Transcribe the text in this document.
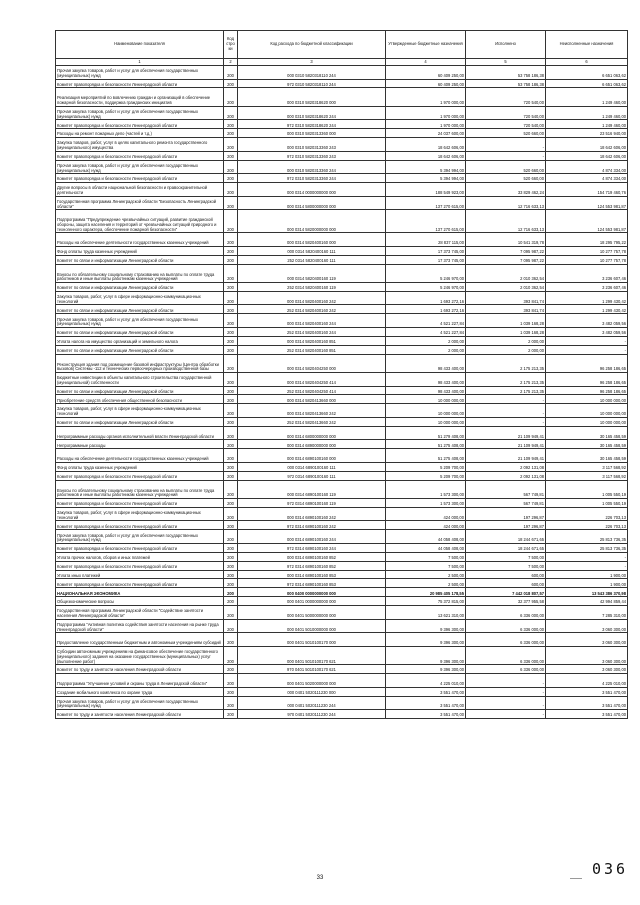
Наименование показателя	Код стро ки	Код расхода по бюджетной классификации	Утвержденные бюджетные назначения	Исполнено	Неисполненные назначения
1	2	3	4	5	6
Прочая закупка товаров, работ и услуг для обеспечения государственных (муниципальных) нужд	200	000 0310 5820318110 244	60 409 250,00	53 758 186,38	6 651 063,62
Комитет правопорядка и безопасности Ленинградской области	200	972 0310 5820318110 244	60 409 250,00	53 758 186,38	6 651 063,62
Реализация мероприятий по вовлечению граждан и организаций в обеспечение пожарной безопасности, поддержка гражданских инициатив	200	000 0310 5820318620 000	1 970 000,00	720 540,00	1 249 460,00
Прочая закупка товаров, работ и услуг для обеспечения государственных (муниципальных) нужд	200	000 0310 5820318620 244	1 970 000,00	720 540,00	1 249 460,00
Комитет правопорядка и безопасности Ленинградской области	200	972 0310 5820318620 244	1 970 000,00	720 540,00	1 249 460,00
Расходы на ремонт пожарных депо (частей и т.д.)	200	000 0310 5820313360 000	24 037 600,00	520 660,00	23 516 940,00
Закупка товаров, работ, услуг в целях капитального ремонта государственного (муниципального) имущества	200	000 0310 5820313360 243	18 642 606,00	-	18 642 606,00
Комитет правопорядка и безопасности Ленинградской области	200	972 0310 5820313360 243	18 642 606,00	-	18 642 606,00
Прочая закупка товаров, работ и услуг для обеспечения государственных (муниципальных) нужд	200	000 0310 5820313360 244	5 394 994,00	520 660,00	4 874 334,00
Комитет правопорядка и безопасности Ленинградской области	200	972 0310 5820313360 244	5 394 994,00	520 660,00	4 874 334,00
Другие вопросы в области национальной безопасности и правоохранительной деятельности	200	000 0314 0000000000 000	188 549 923,00	33 829 462,24	154 719 460,76
Государственная программа Ленинградской области "Безопасность Ленинградской области"	200	000 0314 5800000000 000	137 270 615,00	12 716 633,13	124 553 981,87
Подпрограмма "Предупреждение чрезвычайных ситуаций, развитие гражданской обороны, защита населения и территорий от чрезвычайных ситуаций природного и техногенного характера, обеспечение пожарной безопасности"	200	000 0314 5820000000 000	137 270 615,00	12 716 633,13	124 553 981,87
Расходы на обеспечение деятельности государственных казенных учреждений	200	000 0314 5820400160 000	28 837 115,00	10 541 319,78	18 295 795,22
Фонд оплаты труда казенных учреждений	200	000 0314 5820400160 111	17 373 745,00	7 095 987,22	10 277 757,78
Комитет по связи и информатизации Ленинградской области	200	252 0314 5820400160 111	17 373 745,00	7 095 987,22	10 277 757,78
Взносы по обязательному социальному страхованию на выплаты по оплате труда работников и иные выплаты работникам казенных учреждений	200	000 0314 5820400160 119	5 246 970,00	2 010 362,54	3 236 607,46
Комитет по связи и информатизации Ленинградской области	200	252 0314 5820400160 119	5 246 970,00	2 010 362,54	3 236 607,46
Закупка товаров, работ, услуг в сфере информационно-коммуникационных технологий	200	000 0314 5820400160 242	1 693 272,16	393 841,74	1 299 430,42
Комитет по связи и информатизации Ленинградской области	200	252 0314 5820400160 242	1 693 272,16	393 841,74	1 299 430,42
Прочая закупка товаров, работ и услуг для обеспечения государственных (муниципальных) нужд	200	000 0314 5820400160 244	4 521 227,84	1 039 168,28	3 482 059,56
Комитет по связи и информатизации Ленинградской области	200	252 0314 5820400160 244	4 521 227,84	1 039 168,28	3 482 059,56
Уплата налога на имущество организаций и земельного налога	200	000 0314 5820400160 851	2 000,00	2 000,00	-
Комитет по связи и информатизации Ленинградской области	200	252 0314 5820400160 851	2 000,00	2 000,00	-
Реконструкция здания под размещение базовой инфраструктуры (Центра обработки вызовов) Системы -112 и технических первоочередных производственной базы	200	000 0314 5820404250 000	98 433 400,00	2 175 213,35	96 258 186,65
Бюджетные инвестиции в объекты капитального строительства государственной (муниципальной) собственности	200	000 0314 5820404250 414	98 433 400,00	2 175 213,35	96 258 186,65
Комитет по связи и информатизации Ленинградской области	200	252 0314 5820404250 414	98 433 400,00	2 175 213,35	96 258 186,65
Приобретение средств обеспечения общественной безопасности	200	000 0314 5820413660 000	10 000 000,00	-	10 000 000,00
Закупка товаров, работ, услуг в сфере информационно-коммуникационных технологий	200	000 0314 5820413660 242	10 000 000,00	-	10 000 000,00
Комитет по связи и информатизации Ленинградской области	200	252 0314 5820413660 242	10 000 000,00	-	10 000 000,00
Непрограммные расходы органов исполнительной власти Ленинградской области	200	000 0314 6800000000 000	51 279 408,00	21 109 949,41	30 165 458,59
Непрограммные расходы	200	000 0314 6890000000 000	51 275 408,00	21 109 949,41	30 165 458,59
Расходы на обеспечение деятельности государственных казенных учреждений	200	000 0314 6890100160 000	51 275 408,00	21 109 949,41	30 165 458,59
Фонд оплаты труда казенных учреждений	200	000 0314 6890100160 111	5 209 700,00	2 092 131,08	3 117 568,92
Комитет правопорядка и безопасности Ленинградской области	200	972 0314 6890100160 111	5 209 700,00	2 092 131,08	3 117 568,92
Взносы по обязательному социальному страхованию на выплаты по оплате труда работников и иные выплаты работникам казенных учреждений	200	000 0314 6890100160 119	1 573 300,00	567 749,81	1 005 550,19
Комитет правопорядка и безопасности Ленинградской области	200	972 0314 6890100160 119	1 573 300,00	567 749,81	1 005 550,19
Закупка товаров, работ, услуг в сфере информационно-коммуникационных технологий	200	000 0314 6890100160 242	424 000,00	197 296,87	226 703,13
Комитет правопорядка и безопасности Ленинградской области	200	972 0314 6890100160 242	424 000,00	197 296,87	226 703,13
Прочая закупка товаров, работ и услуг для обеспечения государственных (муниципальных) нужд	200	000 0314 6890100160 244	44 058 408,00	18 244 671,65	25 813 736,35
Комитет правопорядка и безопасности Ленинградской области	200	972 0314 6890100160 244	44 058 408,00	18 244 671,65	25 813 736,35
Уплата прочих налогов, сборов и иных платежей	200	000 0314 6890100160 852	7 500,00	7 500,00	-
Комитет правопорядка и безопасности Ленинградской области	200	972 0314 6890100160 852	7 500,00	7 500,00	-
Уплата иных платежей	200	000 0314 6890100160 853	2 500,00	600,00	1 900,00
Комитет правопорядка и безопасности Ленинградской области	200	972 0314 6890100160 853	2 500,00	600,00	1 900,00
НАЦИОНАЛЬНАЯ ЭКОНОМИКА	200	000 0400 0000000000 000	20 985 405 178,55	7 442 018 807,57	13 543 386 370,98
Общеэкономические вопросы	200	000 0401 0000000000 000	75 372 815,00	32 377 955,58	42 994 859,44
Государственная программа Ленинградской области "Содействие занятости населения Ленинградской области"	200	000 0401 5000000000 000	13 621 310,00	6 336 000,00	7 285 310,00
Подпрограмма "Активная политика содействия занятости населения на рынке труда Ленинградской области"	200	000 0401 5010000000 000	9 396 300,00	6 336 000,00	3 060 300,00
Предоставление государственным бюджетным и автономным учреждениям субсидий	200	000 0401 5010100170 000	9 396 300,00	6 336 000,00	3 060 300,00
Субсидии автономным учреждениям на финансовое обеспечение государственного (муниципального) задания на оказание государственных (муниципальных) услуг (выполнение работ)	200	000 0401 5010100170 621	9 396 300,00	6 336 000,00	3 060 300,00
Комитет по труду и занятости населения Ленинградской области	200	970 0401 5010100170 621	9 396 300,00	6 336 000,00	3 060 300,00
Подпрограмма "Улучшение условий и охраны труда в Ленинградской области"	200	000 0401 5020000000 000	4 225 010,00	-	4 225 010,00
Создание мобильного комплекса по охране труда	200	000 0401 5020111230 000	3 551 470,00	-	3 551 470,00
Прочая закупка товаров, работ и услуг для обеспечения государственных (муниципальных) нужд	200	000 0401 5020111230 244	3 551 470,00	-	3 551 470,00
Комитет по труду и занятости населения Ленинградской области	200	970 0401 5020111230 244	3 551 470,00	-	3 551 470,00
——
33	036
